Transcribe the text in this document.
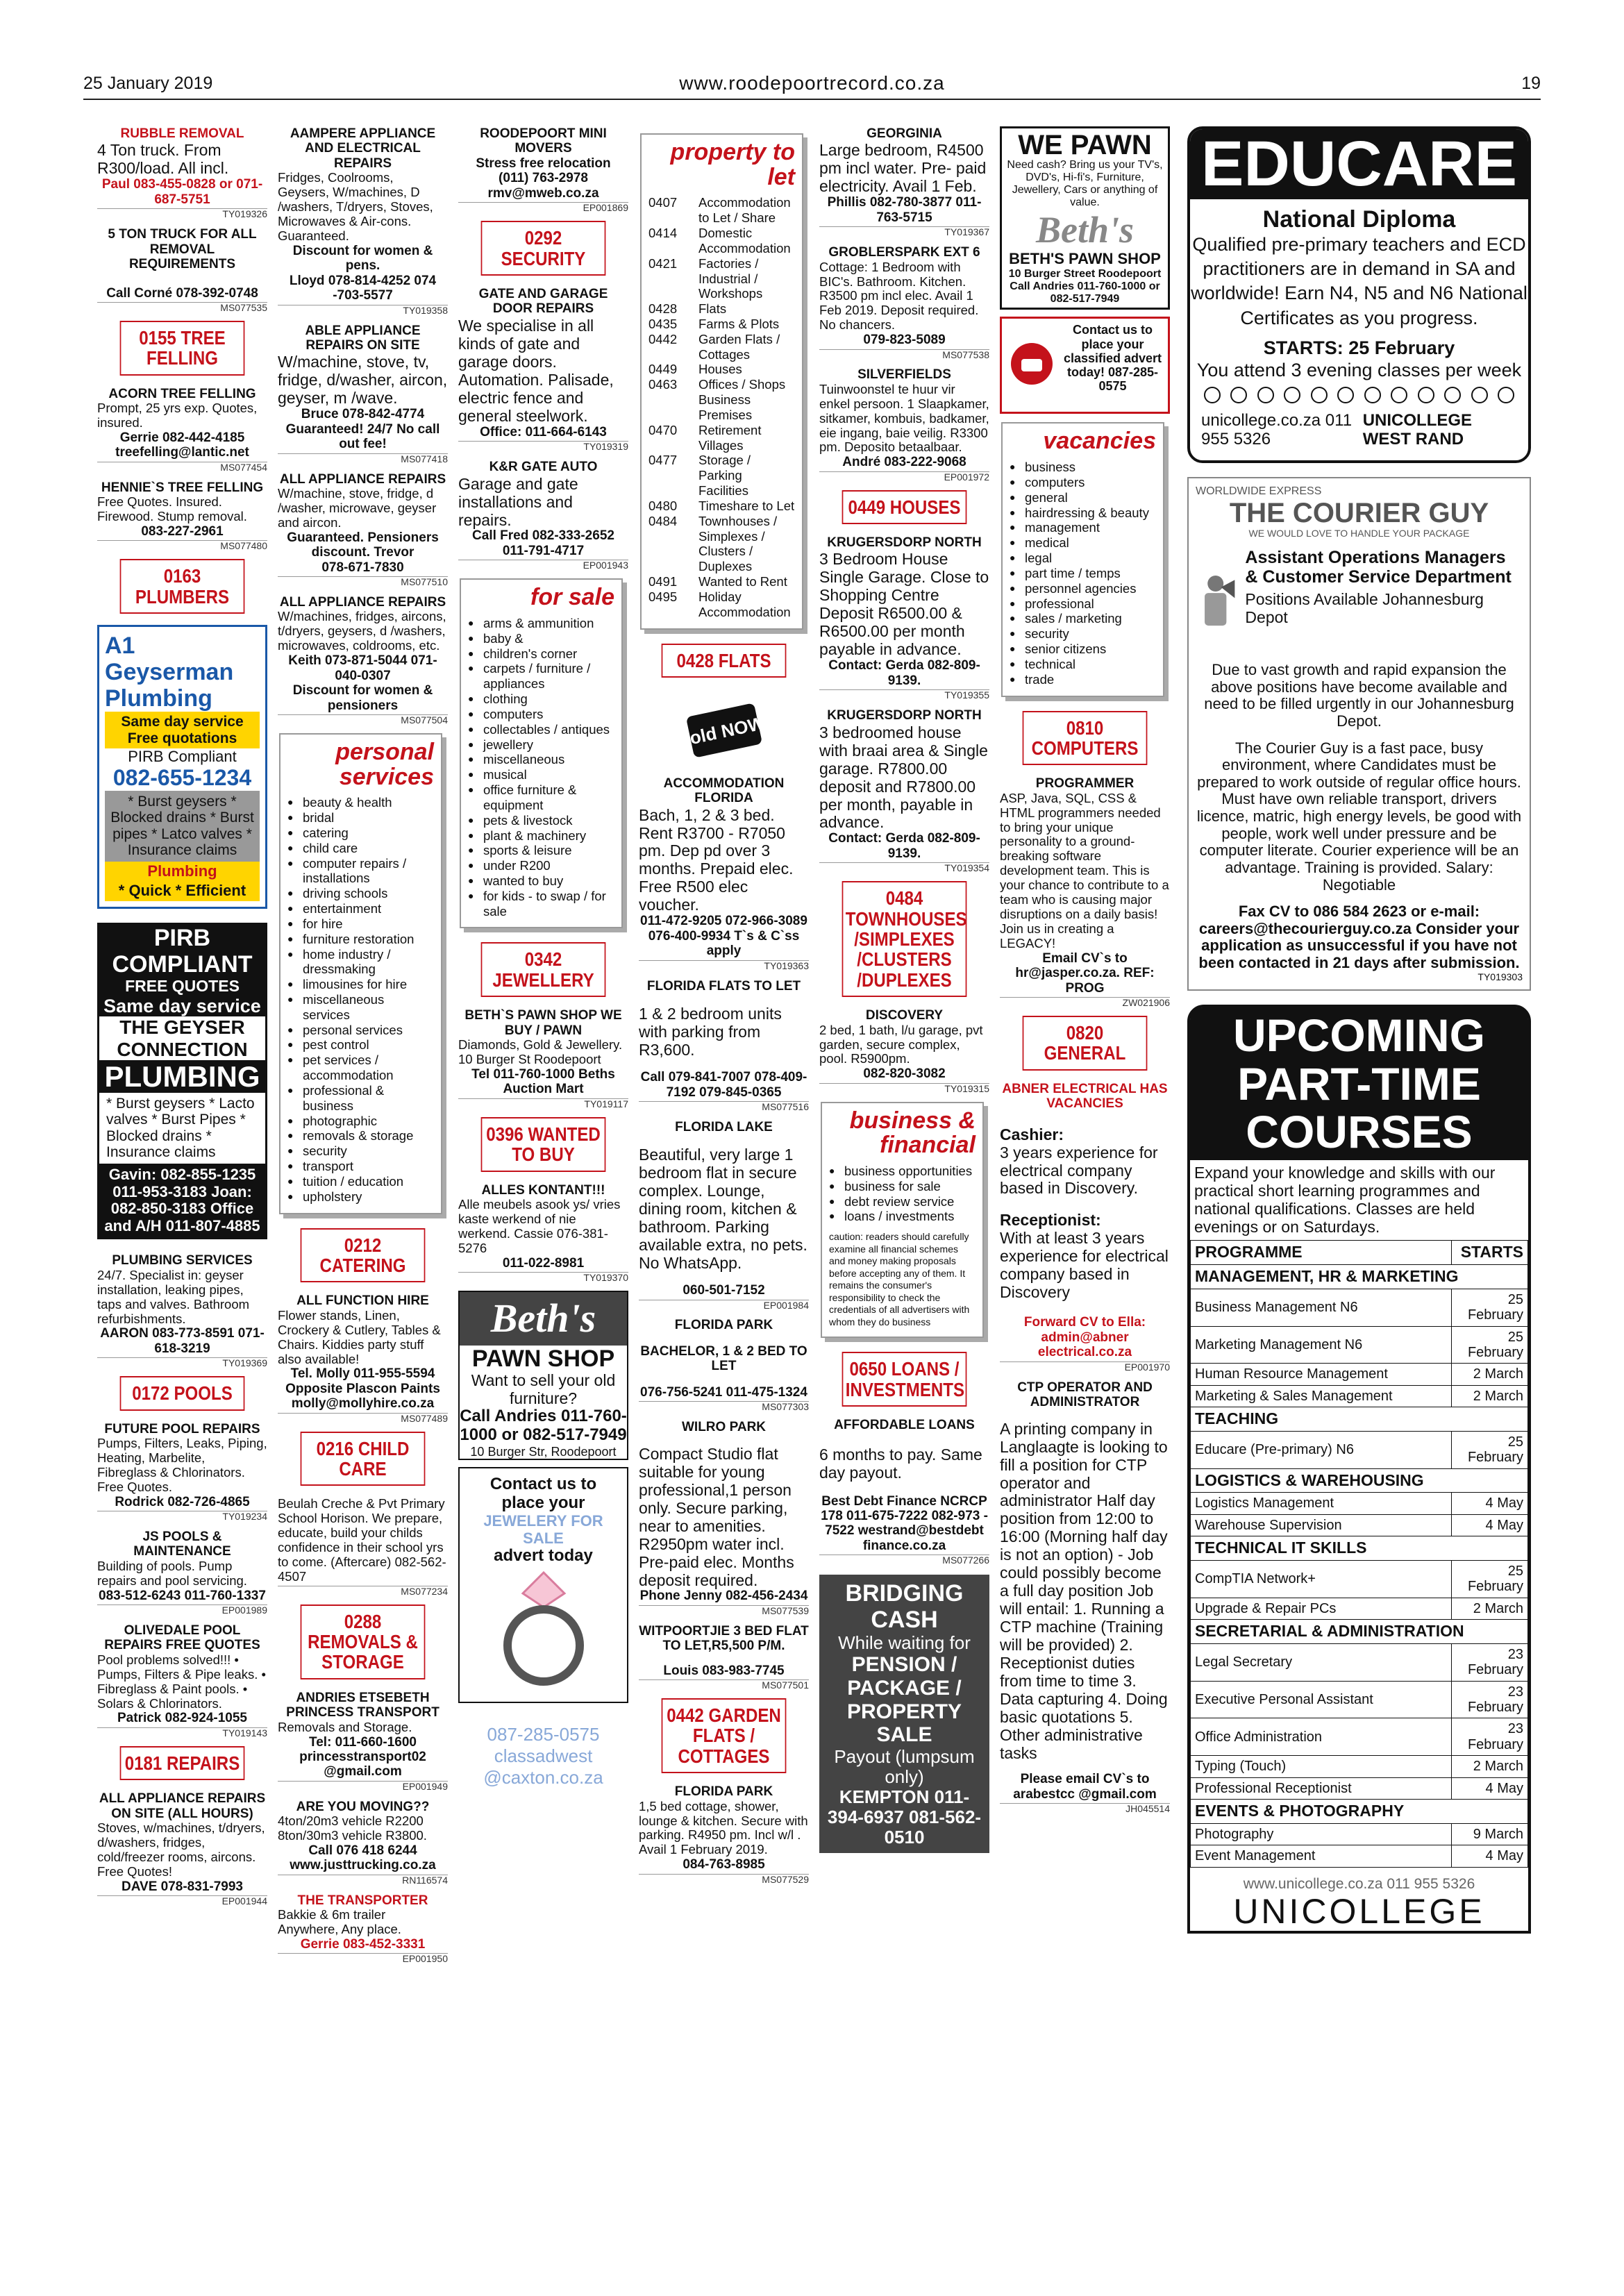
25 January 2019	www.roodepoortrecord.co.za	19
RUBBLE REMOVAL
4 Ton truck. From R300/load. All incl.
Paul 083-455-0828 or 071-687-5751
TY019326
5 TON TRUCK FOR ALL REMOVAL REQUIREMENTS
Call Corné 078-392-0748
MS077535
0155 TREE FELLING
ACORN TREE FELLING
Prompt, 25 yrs exp. Quotes, insured.
Gerrie 082-442-4185 treefelling@lantic.net
MS077454
HENNIE`S TREE FELLING
Free Quotes. Insured. Firewood. Stump removal.
083-227-2961
MS077480
0163 PLUMBERS
A1 Geyserman Plumbing
Same day service Free quotations
PIRB Compliant
082-655-1234
* Burst geysers * Blocked drains * Burst pipes * Latco valves * Insurance claims
Plumbing
* Quick * Efficient
PIRB COMPLIANT
FREE QUOTES
Same day service
THE GEYSER CONNECTION
PLUMBING
* Burst geysers * Lacto valves * Burst Pipes * Blocked drains * Insurance claims
Gavin: 082-855-1235 011-953-3183 Joan: 082-850-3183 Office and A/H 011-807-4885
PLUMBING SERVICES
24/7. Specialist in: geyser installation, leaking pipes, taps and valves. Bathroom refurbishments.
AARON 083-773-8591 071-618-3219
TY019369
0172 POOLS
FUTURE POOL REPAIRS
Pumps, Filters, Leaks, Piping, Heating, Marbelite, Fibreglass & Chlorinators. Free Quotes.
Rodrick 082-726-4865
TY019234
JS POOLS & MAINTENANCE
Building of pools. Pump repairs and pool servicing.
083-512-6243 011-760-1337
EP001989
OLIVEDALE POOL REPAIRS FREE QUOTES
Pool problems solved!!! • Pumps, Filters & Pipe leaks. • Fibreglass & Paint pools. • Solars & Chlorinators.
Patrick 082-924-1055
TY019143
0181 REPAIRS
ALL APPLIANCE REPAIRS ON SITE (ALL HOURS)
Stoves, w/machines, t/dryers, d/washers, fridges, cold/freezer rooms, aircons. Free Quotes!
DAVE 078-831-7993
EP001944
AAMPERE APPLIANCE AND ELECTRICAL REPAIRS
Fridges, Coolrooms, Geysers, W/machines, D /washers, T/dryers, Stoves, Microwaves & Air-cons. Guaranteed.
Discount for women & pens.
Lloyd 078-814-4252 074 -703-5577
TY019358
ABLE APPLIANCE REPAIRS ON SITE
W/machine, stove, tv, fridge, d/washer, aircon, geyser, m /wave.
Bruce 078-842-4774 Guaranteed! 24/7 No call out fee!
MS077418
ALL APPLIANCE REPAIRS
W/machine, stove, fridge, d /washer, microwave, geyser and aircon.
Guaranteed. Pensioners discount. Trevor
078-671-7830
MS077510
ALL APPLIANCE REPAIRS
W/machines, fridges, aircons, t/dryers, geysers, d /washers, microwaves, coldrooms, etc.
Keith 073-871-5044 071-040-0307
Discount for women & pensioners
MS077504
personal services
● beauty & health
● bridal
● catering
● child care
● computer repairs / installations
● driving schools
● entertainment
● for hire
● furniture restoration
● home industry / dressmaking
● limousines for hire
● miscellaneous services
● personal services
● pest control
● pet services / accommodation
● professional & business
● photographic
● removals & storage
● security
● transport
● tuition / education
● upholstery
0212 CATERING
ALL FUNCTION HIRE
Flower stands, Linen, Crockery & Cutlery, Tables & Chairs. Kiddies party stuff also available!
Tel. Molly 011-955-5594 Opposite Plascon Paints molly@mollyhire.co.za
MS077489
0216 CHILD CARE
Beulah Creche & Pvt Primary School Horison. We prepare, educate, build your childs confidence in their school yrs to come. (Aftercare) 082-562-4507
MS077234
0288 REMOVALS & STORAGE
ANDRIES ETSEBETH PRINCESS TRANSPORT
Removals and Storage.
Tel: 011-660-1600 princesstransport02 @gmail.com
EP001949
ARE YOU MOVING??
4ton/20m3 vehicle R2200 8ton/30m3 vehicle R3800.
Call 076 418 6244 www.justtrucking.co.za
RN116574
THE TRANSPORTER
Bakkie & 6m trailer Anywhere, Any place.
Gerrie 083-452-3331
EP001950
ROODEPOORT MINI MOVERS
Stress free relocation
(011) 763-2978 rmv@mweb.co.za
EP001869
0292 SECURITY
GATE AND GARAGE DOOR REPAIRS
We specialise in all kinds of gate and garage doors. Automation. Palisade, electric fence and general steelwork.
Office: 011-664-6143
TY019319
K&R GATE AUTO
Garage and gate installations and repairs.
Call Fred 082-333-2652 011-791-4717
EP001943
for sale
● arms & ammunition
● baby &
● children's corner
● carpets / furniture / appliances
● clothing
● computers
● collectables / antiques
● jewellery
● miscellaneous
● musical
● office furniture & equipment
● pets & livestock
● plant & machinery
● sports & leisure
● under R200
● wanted to buy
● for kids - to swap / for sale
0342 JEWELLERY
BETH`S PAWN SHOP WE BUY / PAWN
Diamonds, Gold & Jewellery. 10 Burger St Roodepoort
Tel 011-760-1000 Beths Auction Mart
TY019117
0396 WANTED TO BUY
ALLES KONTANT!!!
Alle meubels asook ys/ vries kaste werkend of nie werkend. Cassie 076-381-5276
011-022-8981
TY019370
Beth's
PAWN SHOP
Want to sell your old furniture?
Call Andries 011-760-1000 or 082-517-7949
10 Burger Str, Roodepoort
Contact us to place your
JEWELERY FOR SALE
advert today
087-285-0575 classadwest @caxton.co.za
property to let
0407 Accommodation to Let / Share
0414 Domestic Accommodation
0421 Factories / Industrial / Workshops
0428 Flats
0435 Farms & Plots
0442 Garden Flats / Cottages
0449 Houses
0463 Offices / Shops Business Premises
0470 Retirement Villages
0477 Storage / Parking Facilities
0480 Timeshare to Let
0484 Townhouses / Simplexes / Clusters / Duplexes
0491 Wanted to Rent
0495 Holiday Accommodation
0428 FLATS
Sold NOW!
ACCOMMODATION FLORIDA
Bach, 1, 2 & 3 bed. Rent R3700 - R7050 pm. Dep pd over 3 months. Prepaid elec. Free R500 elec voucher.
011-472-9205 072-966-3089 076-400-9934 T`s & C`ss apply
TY019363
FLORIDA FLATS TO LET
1 & 2 bedroom units with parking from R3,600.
Call 079-841-7007 078-409-7192 079-845-0365
MS077516
FLORIDA LAKE
Beautiful, very large 1 bedroom flat in secure complex. Lounge, dining room, kitchen & bathroom. Parking available extra, no pets. No WhatsApp.
060-501-7152
EP001984
FLORIDA PARK
BACHELOR, 1 & 2 BED TO LET
076-756-5241 011-475-1324
MS077303
WILRO PARK
Compact Studio flat suitable for young professional,1 person only. Secure parking, near to amenities. R2950pm water incl. Pre-paid elec. Months deposit required.
Phone Jenny 082-456-2434
MS077539
WITPOORTJIE 3 BED FLAT TO LET,R5,500 P/M.
Louis 083-983-7745
MS077501
0442 GARDEN FLATS / COTTAGES
FLORIDA PARK
1,5 bed cottage, shower, lounge & kitchen. Secure with parking. R4950 pm. Incl w/l . Avail 1 February 2019.
084-763-8985
MS077529
GEORGINIA
Large bedroom, R4500 pm incl water. Pre- paid electricity. Avail 1 Feb.
Phillis 082-780-3877 011-763-5715
TY019367
GROBLERSPARK EXT 6
Cottage: 1 Bedroom with BIC's. Bathroom. Kitchen. R3500 pm incl elec. Avail 1 Feb 2019. Deposit required. No chancers.
079-823-5089
MS077538
SILVERFIELDS
Tuinwoonstel te huur vir enkel persoon. 1 Slaapkamer, sitkamer, kombuis, badkamer, eie ingang, baie veilig. R3300 pm. Deposito betaalbaar.
André 083-222-9068
EP001972
0449 HOUSES
KRUGERSDORP NORTH
3 Bedroom House Single Garage. Close to Shopping Centre Deposit R6500.00 & R6500.00 per month payable in advance.
Contact: Gerda 082-809-9139.
TY019355
KRUGERSDORP NORTH
3 bedroomed house with braai area & Single garage. R7800.00 deposit and R7800.00 per month, payable in advance.
Contact: Gerda 082-809-9139.
TY019354
0484 TOWNHOUSES /SIMPLEXES /CLUSTERS /DUPLEXES
DISCOVERY
2 bed, 1 bath, l/u garage, pvt garden, secure complex, pool. R5900pm.
082-820-3082
TY019315
business & financial
● business opportunities
● business for sale
● debt review service
● loans / investments
caution: readers should carefully examine all financial schemes and money making proposals before accepting any of them. It remains the consumer's responsibility to check the credentials of all advertisers with whom they do business
0650 LOANS / INVESTMENTS
AFFORDABLE LOANS
6 months to pay. Same day payout.
Best Debt Finance NCRCP 178 011-675-7222 082-973 - 7522 westrand@bestdebt finance.co.za
MS077266
BRIDGING CASH
While waiting for
PENSION / PACKAGE / PROPERTY SALE
Payout (lumpsum only)
KEMPTON 011-394-6937 081-562-0510
WE PAWN
Need cash? Bring us your TV's, DVD's, Hi-fi's, Furniture, Jewellery, Cars or anything of value.
Beth's
BETH'S PAWN SHOP
10 Burger Street Roodepoort
Call Andries 011-760-1000 or 082-517-7949
Contact us to place your classified advert today! 087-285-0575
vacancies
● business
● computers
● general
● hairdressing & beauty
● management
● medical
● legal
● part time / temps
● personnel agencies
● professional
● sales / marketing
● security
● senior citizens
● technical
● trade
0810 COMPUTERS
PROGRAMMER
ASP, Java, SQL, CSS & HTML programmers needed to bring your unique personality to a ground-breaking software development team. This is your chance to contribute to a team who is causing major disruptions on a daily basis! Join us in creating a LEGACY!
Email CV`s to hr@jasper.co.za. REF: PROG
ZW021906
0820 GENERAL
ABNER ELECTRICAL HAS VACANCIES
Cashier:
3 years experience for electrical company based in Discovery.
Receptionist:
With at least 3 years experience for electrical company based in Discovery
Forward CV to Ella: admin@abner electrical.co.za
EP001970
CTP OPERATOR AND ADMINISTRATOR
A printing company in Langlaagte is looking to fill a position for CTP operator and administrator Half day position from 12:00 to 16:00 (Morning half day is not an option) - Job could possibly become a full day position Job will entail: 1. Running a CTP machine (Training will be provided) 2. Receptionist duties from time to time 3. Data capturing 4. Doing basic quotations 5. Other administrative tasks
Please email CV`s to arabestcc @gmail.com
JH045514
EDUCARE
National Diploma

Qualified pre-primary teachers and ECD practitioners are in demand in SA and worldwide! Earn N4, N5 and N6 National Certificates as you progress.

STARTS: 25 February

You attend 3 evening classes per week

unicollege.co.za 011 955 5326
UNICOLLEGE WEST RAND
WORLDWIDE EXPRESS
THE COURIER GUY
WE WOULD LOVE TO HANDLE YOUR PACKAGE
Assistant Operations Managers & Customer Service Department
Positions Available Johannesburg Depot

Due to vast growth and rapid expansion the above positions have become available and need to be filled urgently in our Johannesburg Depot.

The Courier Guy is a fast pace, busy environment, where Candidates must be prepared to work outside of regular office hours. Must have own reliable transport, drivers licence, matric, high energy levels, be good with people, work well under pressure and be computer literate. Courier experience will be an advantage. Training is provided. Salary: Negotiable

Fax CV to 086 584 2623 or e-mail: careers@thecourierguy.co.za Consider your application as unsuccessful if you have not been contacted in 21 days after submission.

TY019303
UPCOMING PART-TIME COURSES
Expand your knowledge and skills with our practical short learning programmes and national qualifications. Classes are held evenings or on Saturdays.
PROGRAMME	STARTS
MANAGEMENT, HR & MARKETING	
Business Management N6	25 February
Marketing Management N6	25 February
Human Resource Management	2 March
Marketing & Sales Management	2 March
TEACHING	
Educare (Pre-primary) N6	25 February
LOGISTICS & WAREHOUSING	
Logistics Management	4 May
Warehouse Supervision	4 May
TECHNICAL IT SKILLS	
CompTIA Network+	25 February
Upgrade & Repair PCs	2 March
SECRETARIAL & ADMINISTRATION	
Legal Secretary	23 February
Executive Personal Assistant	23 February
Office Administration	23 February
Typing (Touch)	2 March
Professional Receptionist	4 May
EVENTS & PHOTOGRAPHY	
Photography	9 March
Event Management	4 May
www.unicollege.co.za 011 955 5326
UNICOLLEGE
